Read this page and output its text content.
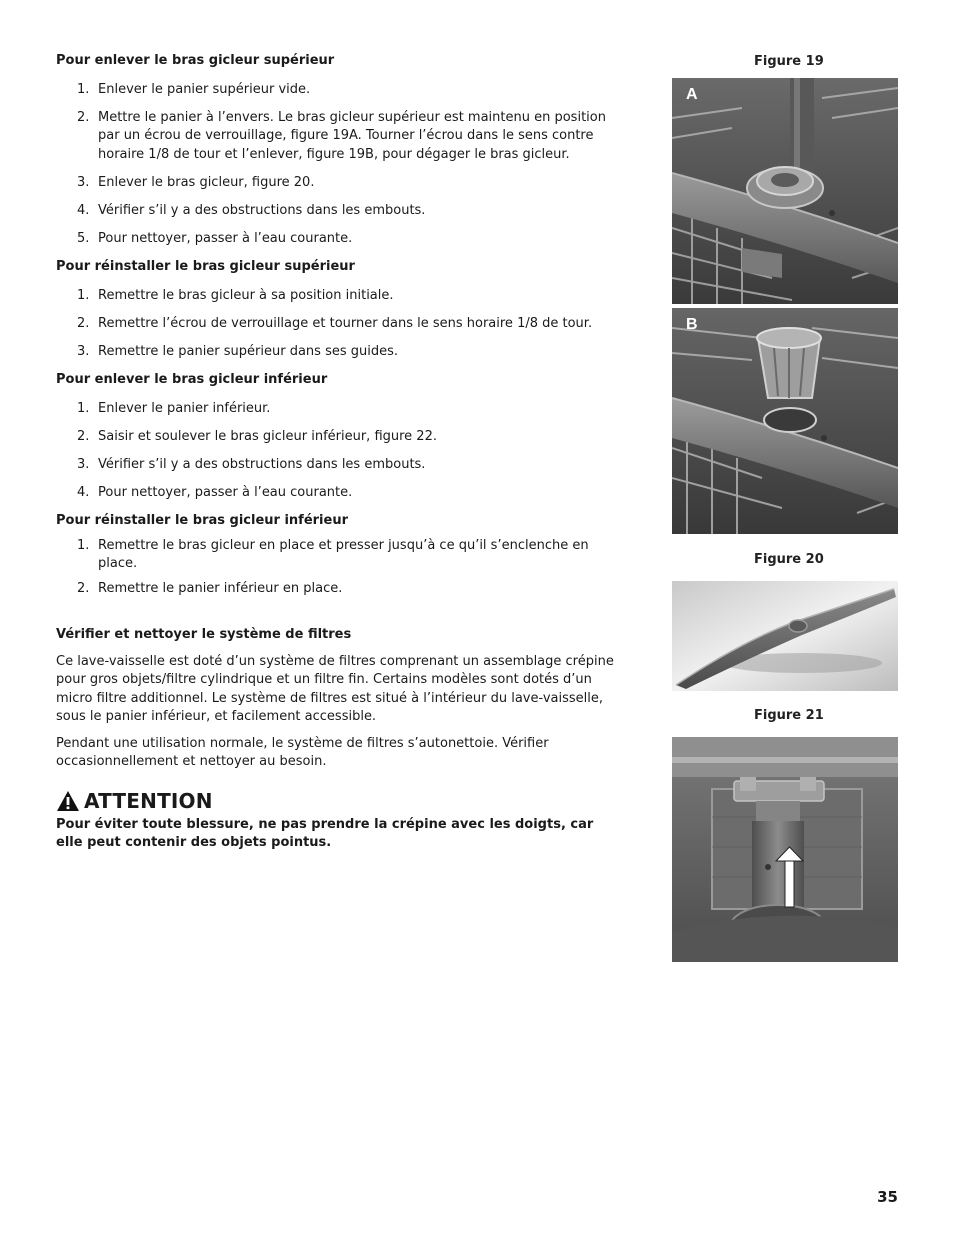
Pour enlever le bras gicleur supérieur
1. Enlever le panier supérieur vide.
2. Mettre le panier à l’envers. Le bras gicleur supérieur est maintenu en position par un écrou de verrouillage, figure 19A. Tourner l’écrou dans le sens contre horaire 1/8 de tour et l’enlever, figure 19B, pour dégager le bras gicleur.
3. Enlever le bras gicleur, figure 20.
4. Vérifier s’il y a des obstructions dans les embouts.
5. Pour nettoyer, passer à l’eau courante.
Pour réinstaller le bras gicleur supérieur
1. Remettre le bras gicleur à sa position initiale.
2. Remettre l’écrou de verrouillage et tourner dans le sens horaire 1/8 de tour.
3. Remettre le panier supérieur dans ses guides.
Pour enlever le bras gicleur inférieur
1. Enlever le panier inférieur.
2. Saisir et soulever le bras gicleur inférieur, figure 22.
3. Vérifier s’il y a des obstructions dans les embouts.
4. Pour nettoyer, passer à l’eau courante.
Pour réinstaller le bras gicleur inférieur
1. Remettre le bras gicleur en place et presser jusqu’à ce qu’il s’enclenche en place.
2. Remettre le panier inférieur en place.
Vérifier et nettoyer le système de filtres

Ce lave-vaisselle est doté d’un système de filtres comprenant un assemblage crépine pour gros objets/filtre cylindrique et un filtre fin. Certains modèles sont dotés d’un micro filtre additionnel. Le système de filtres est situé à l’intérieur du lave-vaisselle, sous le panier inférieur, et facilement accessible.

Pendant une utilisation normale, le système de filtres s’autonettoie. Vérifier occasionnellement et nettoyer au besoin.

ATTENTION
Pour éviter toute blessure, ne pas prendre la crépine avec les doigts, car elle peut contenir des objets pointus.
Figure 19
A
B
Figure 20
Figure 21
35
